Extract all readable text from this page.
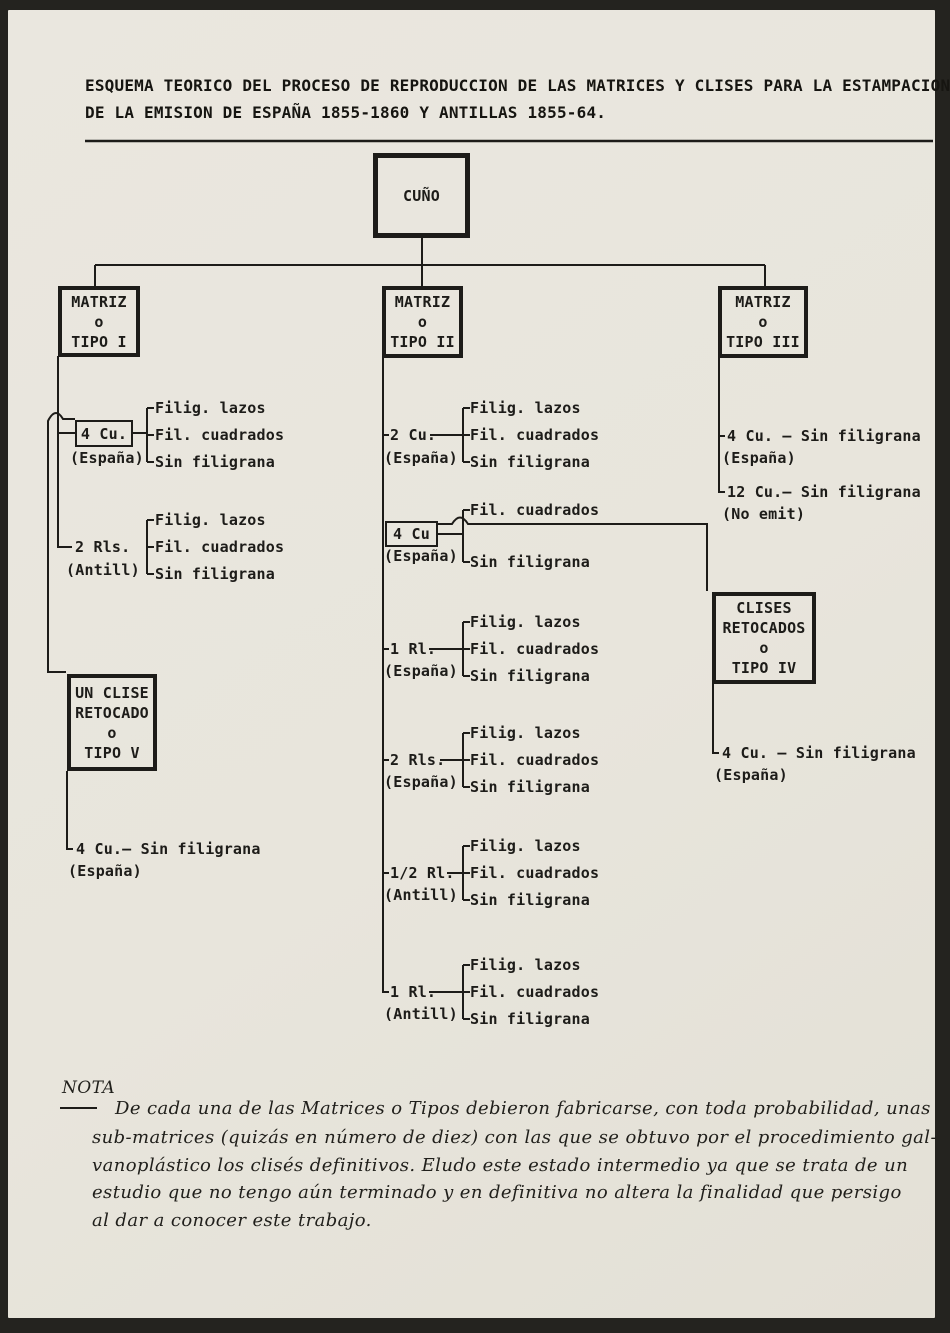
ESQUEMA TEORICO DEL PROCESO DE REPRODUCCION DE LAS MATRICES Y CLISES PARA LA ESTAMPACION
DE LA EMISION DE ESPAÑA 1855-1860 Y ANTILLAS 1855-64.
CUÑO
MATRIZ
o
TIPO I
MATRIZ
o
TIPO II
MATRIZ
o
TIPO III
4 Cu.
(España)
Filig. lazos
Fil. cuadrados
Sin filigrana
2 Rls.
(Antill)
Filig. lazos
Fil. cuadrados
Sin filigrana
UN CLISE
RETOCADO
o
TIPO V
4 Cu.— Sin filigrana
(España)
2 Cu.
(España)
Filig. lazos
Fil. cuadrados
Sin filigrana
4 Cu
(España)
Fil. cuadrados
Sin filigrana
1 Rl.
(España)
Filig. lazos
Fil. cuadrados
Sin filigrana
2 Rls.
(España)
Filig. lazos
Fil. cuadrados
Sin filigrana
1/2 Rl.
(Antill)
Filig. lazos
Fil. cuadrados
Sin filigrana
1 Rl.
(Antill)
Filig. lazos
Fil. cuadrados
Sin filigrana
4 Cu. — Sin filigrana
(España)
12 Cu.— Sin filigrana
(No emit)
CLISES
RETOCADOS
o
TIPO IV
4 Cu. — Sin filigrana
(España)
NOTA
De cada una de las Matrices o Tipos debieron fabricarse, con toda probabilidad, unas
sub-matrices (quizás en número de diez) con las que se obtuvo por el procedimiento gal-
vanoplástico los clisés definitivos. Eludo este estado intermedio ya que se trata de un
estudio que no tengo aún terminado y en definitiva no altera la finalidad que persigo
al dar a conocer este trabajo.
